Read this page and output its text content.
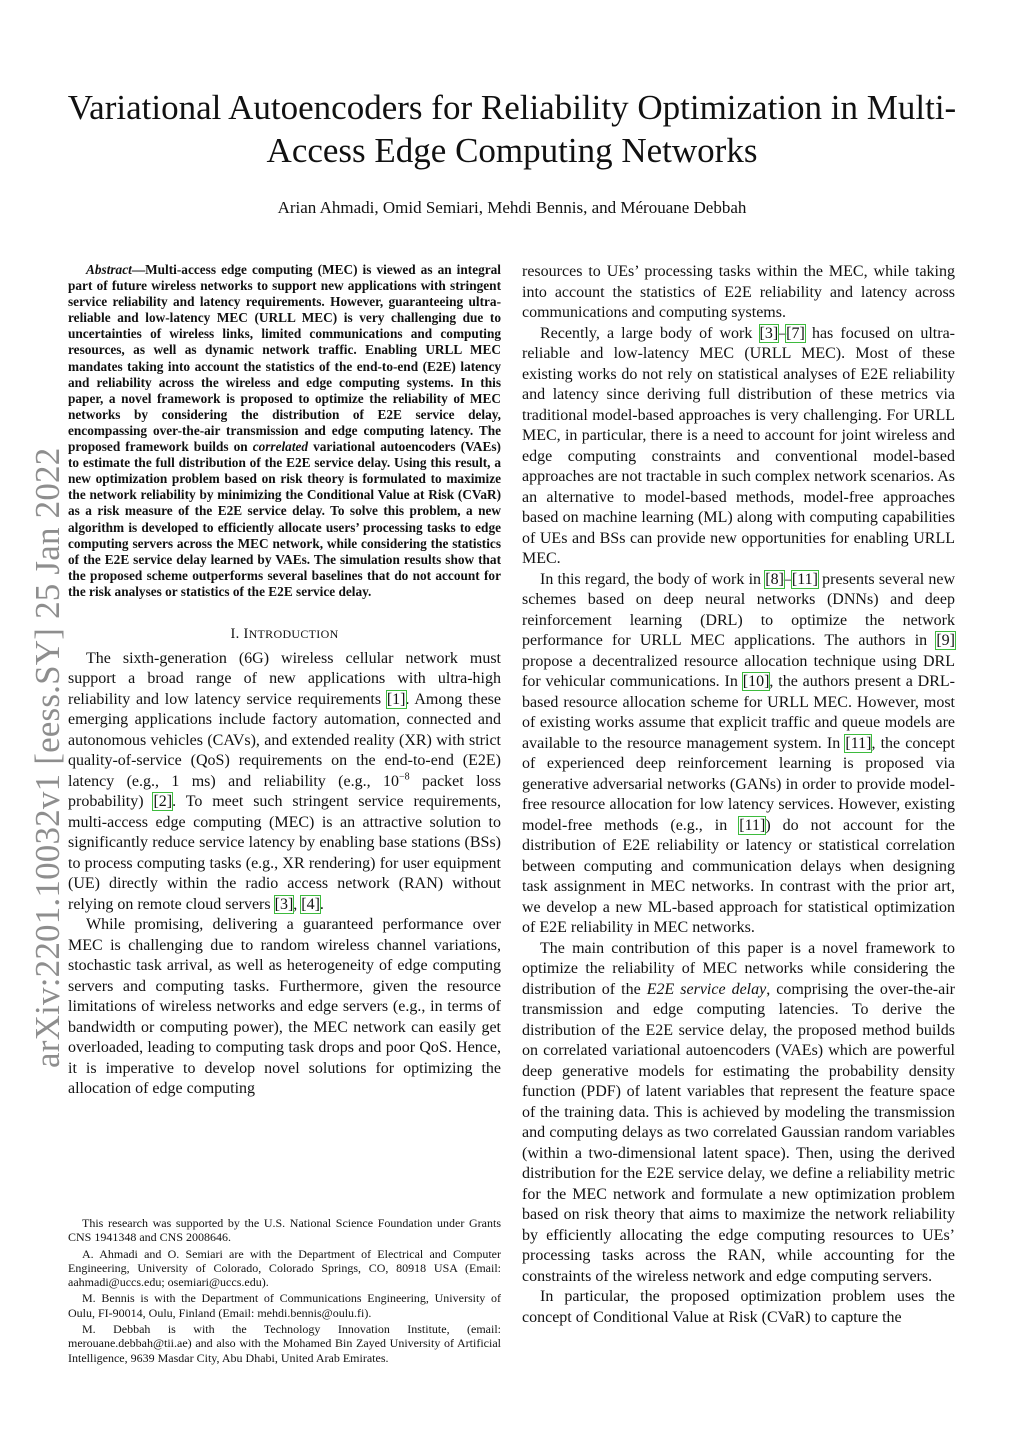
arXiv:2201.10032v1 [eess.SY] 25 Jan 2022
Variational Autoencoders for Reliability Optimization in Multi-Access Edge Computing Networks
Arian Ahmadi, Omid Semiari, Mehdi Bennis, and Mérouane Debbah

Abstract—Multi-access edge computing (MEC) is viewed as an integral part of future wireless networks to support new applications with stringent service reliability and latency requirements. However, guaranteeing ultra-reliable and low-latency MEC (URLL MEC) is very challenging due to uncertainties of wireless links, limited communications and computing resources, as well as dynamic network traffic. Enabling URLL MEC mandates taking into account the statistics of the end-to-end (E2E) latency and reliability across the wireless and edge computing systems. In this paper, a novel framework is proposed to optimize the reliability of MEC networks by considering the distribution of E2E service delay, encompassing over-the-air transmission and edge computing latency. The proposed framework builds on correlated variational autoencoders (VAEs) to estimate the full distribution of the E2E service delay. Using this result, a new optimization problem based on risk theory is formulated to maximize the network reliability by minimizing the Conditional Value at Risk (CVaR) as a risk measure of the E2E service delay. To solve this problem, a new algorithm is developed to efficiently allocate users’ processing tasks to edge computing servers across the MEC network, while considering the statistics of the E2E service delay learned by VAEs. The simulation results show that the proposed scheme outperforms several baselines that do not account for the risk analyses or statistics of the E2E service delay.

I. INTRODUCTION

The sixth-generation (6G) wireless cellular network must support a broad range of new applications with ultra-high reliability and low latency service requirements [1]. Among these emerging applications include factory automation, connected and autonomous vehicles (CAVs), and extended reality (XR) with strict quality-of-service (QoS) requirements on the end-to-end (E2E) latency (e.g., 1 ms) and reliability (e.g., $10^{-8}$ packet loss probability) [2]. To meet such stringent service requirements, multi-access edge computing (MEC) is an attractive solution to significantly reduce service latency by enabling base stations (BSs) to process computing tasks (e.g., XR rendering) for user equipment (UE) directly within the radio access network (RAN) without relying on remote cloud servers [3], [4].

While promising, delivering a guaranteed performance over MEC is challenging due to random wireless channel variations, stochastic task arrival, as well as heterogeneity of edge computing servers and computing tasks. Furthermore, given the resource limitations of wireless networks and edge servers (e.g., in terms of bandwidth or computing power), the MEC network can easily get overloaded, leading to computing task drops and poor QoS. Hence, it is imperative to develop novel solutions for optimizing the allocation of edge computing

This research was supported by the U.S. National Science Foundation under Grants CNS 1941348 and CNS 2008646.

A. Ahmadi and O. Semiari are with the Department of Electrical and Computer Engineering, University of Colorado, Colorado Springs, CO, 80918 USA (Email: aahmadi@uccs.edu; osemiari@uccs.edu).

M. Bennis is with the Department of Communications Engineering, University of Oulu, FI-90014, Oulu, Finland (Email: mehdi.bennis@oulu.fi).

M. Debbah is with the Technology Innovation Institute, (email: merouane.debbah@tii.ae) and also with the Mohamed Bin Zayed University of Artificial Intelligence, 9639 Masdar City, Abu Dhabi, United Arab Emirates.

resources to UEs’ processing tasks within the MEC, while taking into account the statistics of E2E reliability and latency across communications and computing systems.

Recently, a large body of work [3]–[7] has focused on ultra-reliable and low-latency MEC (URLL MEC). Most of these existing works do not rely on statistical analyses of E2E reliability and latency since deriving full distribution of these metrics via traditional model-based approaches is very challenging. For URLL MEC, in particular, there is a need to account for joint wireless and edge computing constraints and conventional model-based approaches are not tractable in such complex network scenarios. As an alternative to model-based methods, model-free approaches based on machine learning (ML) along with computing capabilities of UEs and BSs can provide new opportunities for enabling URLL MEC.

In this regard, the body of work in [8]–[11] presents several new schemes based on deep neural networks (DNNs) and deep reinforcement learning (DRL) to optimize the network performance for URLL MEC applications. The authors in [9] propose a decentralized resource allocation technique using DRL for vehicular communications. In [10], the authors present a DRL-based resource allocation scheme for URLL MEC. However, most of existing works assume that explicit traffic and queue models are available to the resource management system. In [11], the concept of experienced deep reinforcement learning is proposed via generative adversarial networks (GANs) in order to provide model-free resource allocation for low latency services. However, existing model-free methods (e.g., in [11]) do not account for the distribution of E2E reliability or latency or statistical correlation between computing and communication delays when designing task assignment in MEC networks. In contrast with the prior art, we develop a new ML-based approach for statistical optimization of E2E reliability in MEC networks.

The main contribution of this paper is a novel framework to optimize the reliability of MEC networks while considering the distribution of the E2E service delay, comprising the over-the-air transmission and edge computing latencies. To derive the distribution of the E2E service delay, the proposed method builds on correlated variational autoencoders (VAEs) which are powerful deep generative models for estimating the probability density function (PDF) of latent variables that represent the feature space of the training data. This is achieved by modeling the transmission and computing delays as two correlated Gaussian random variables (within a two-dimensional latent space). Then, using the derived distribution for the E2E service delay, we define a reliability metric for the MEC network and formulate a new optimization problem based on risk theory that aims to maximize the network reliability by efficiently allocating the edge computing resources to UEs’ processing tasks across the RAN, while accounting for the constraints of the wireless network and edge computing servers.

In particular, the proposed optimization problem uses the concept of Conditional Value at Risk (CVaR) to capture the
